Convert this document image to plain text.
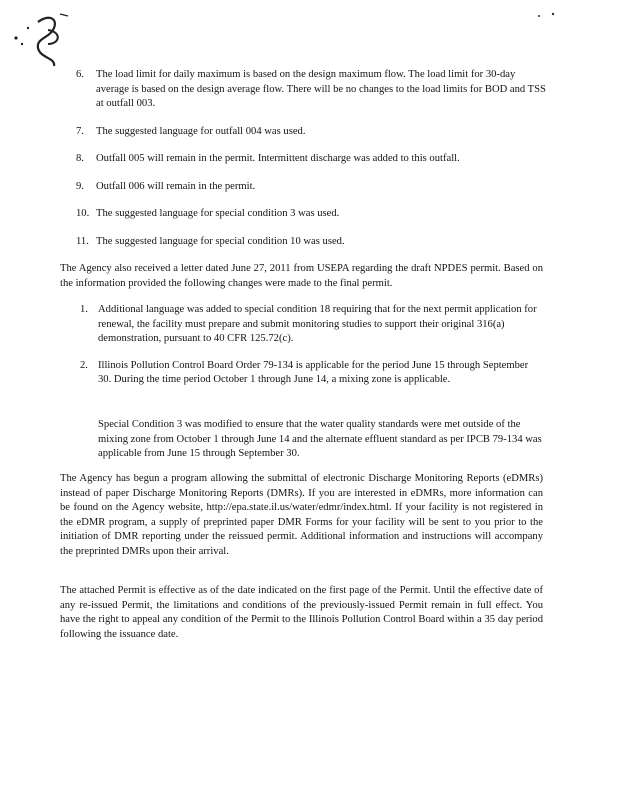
6. The load limit for daily maximum is based on the design maximum flow. The load limit for 30-day average is based on the design average flow. There will be no changes to the load limits for BOD and TSS at outfall 003.
7. The suggested language for outfall 004 was used.
8. Outfall 005 will remain in the permit. Intermittent discharge was added to this outfall.
9. Outfall 006 will remain in the permit.
10. The suggested language for special condition 3 was used.
11. The suggested language for special condition 10 was used.

The Agency also received a letter dated June 27, 2011 from USEPA regarding the draft NPDES permit. Based on the information provided the following changes were made to the final permit.

1. Additional language was added to special condition 18 requiring that for the next permit application for renewal, the facility must prepare and submit monitoring studies to support their original 316(a) demonstration, pursuant to 40 CFR 125.72(c).
2. Illinois Pollution Control Board Order 79-134 is applicable for the period June 15 through September 30. During the time period October 1 through June 14, a mixing zone is applicable.

Special Condition 3 was modified to ensure that the water quality standards were met outside of the mixing zone from October 1 through June 14 and the alternate effluent standard as per IPCB 79-134 was applicable from June 15 through September 30.

The Agency has begun a program allowing the submittal of electronic Discharge Monitoring Reports (eDMRs) instead of paper Discharge Monitoring Reports (DMRs). If you are interested in eDMRs, more information can be found on the Agency website, http://epa.state.il.us/water/edmr/index.html. If your facility is not registered in the eDMR program, a supply of preprinted paper DMR Forms for your facility will be sent to you prior to the initiation of DMR reporting under the reissued permit. Additional information and instructions will accompany the preprinted DMRs upon their arrival.

The attached Permit is effective as of the date indicated on the first page of the Permit. Until the effective date of any re-issued Permit, the limitations and conditions of the previously-issued Permit remain in full effect. You have the right to appeal any condition of the Permit to the Illinois Pollution Control Board within a 35 day period following the issuance date.
